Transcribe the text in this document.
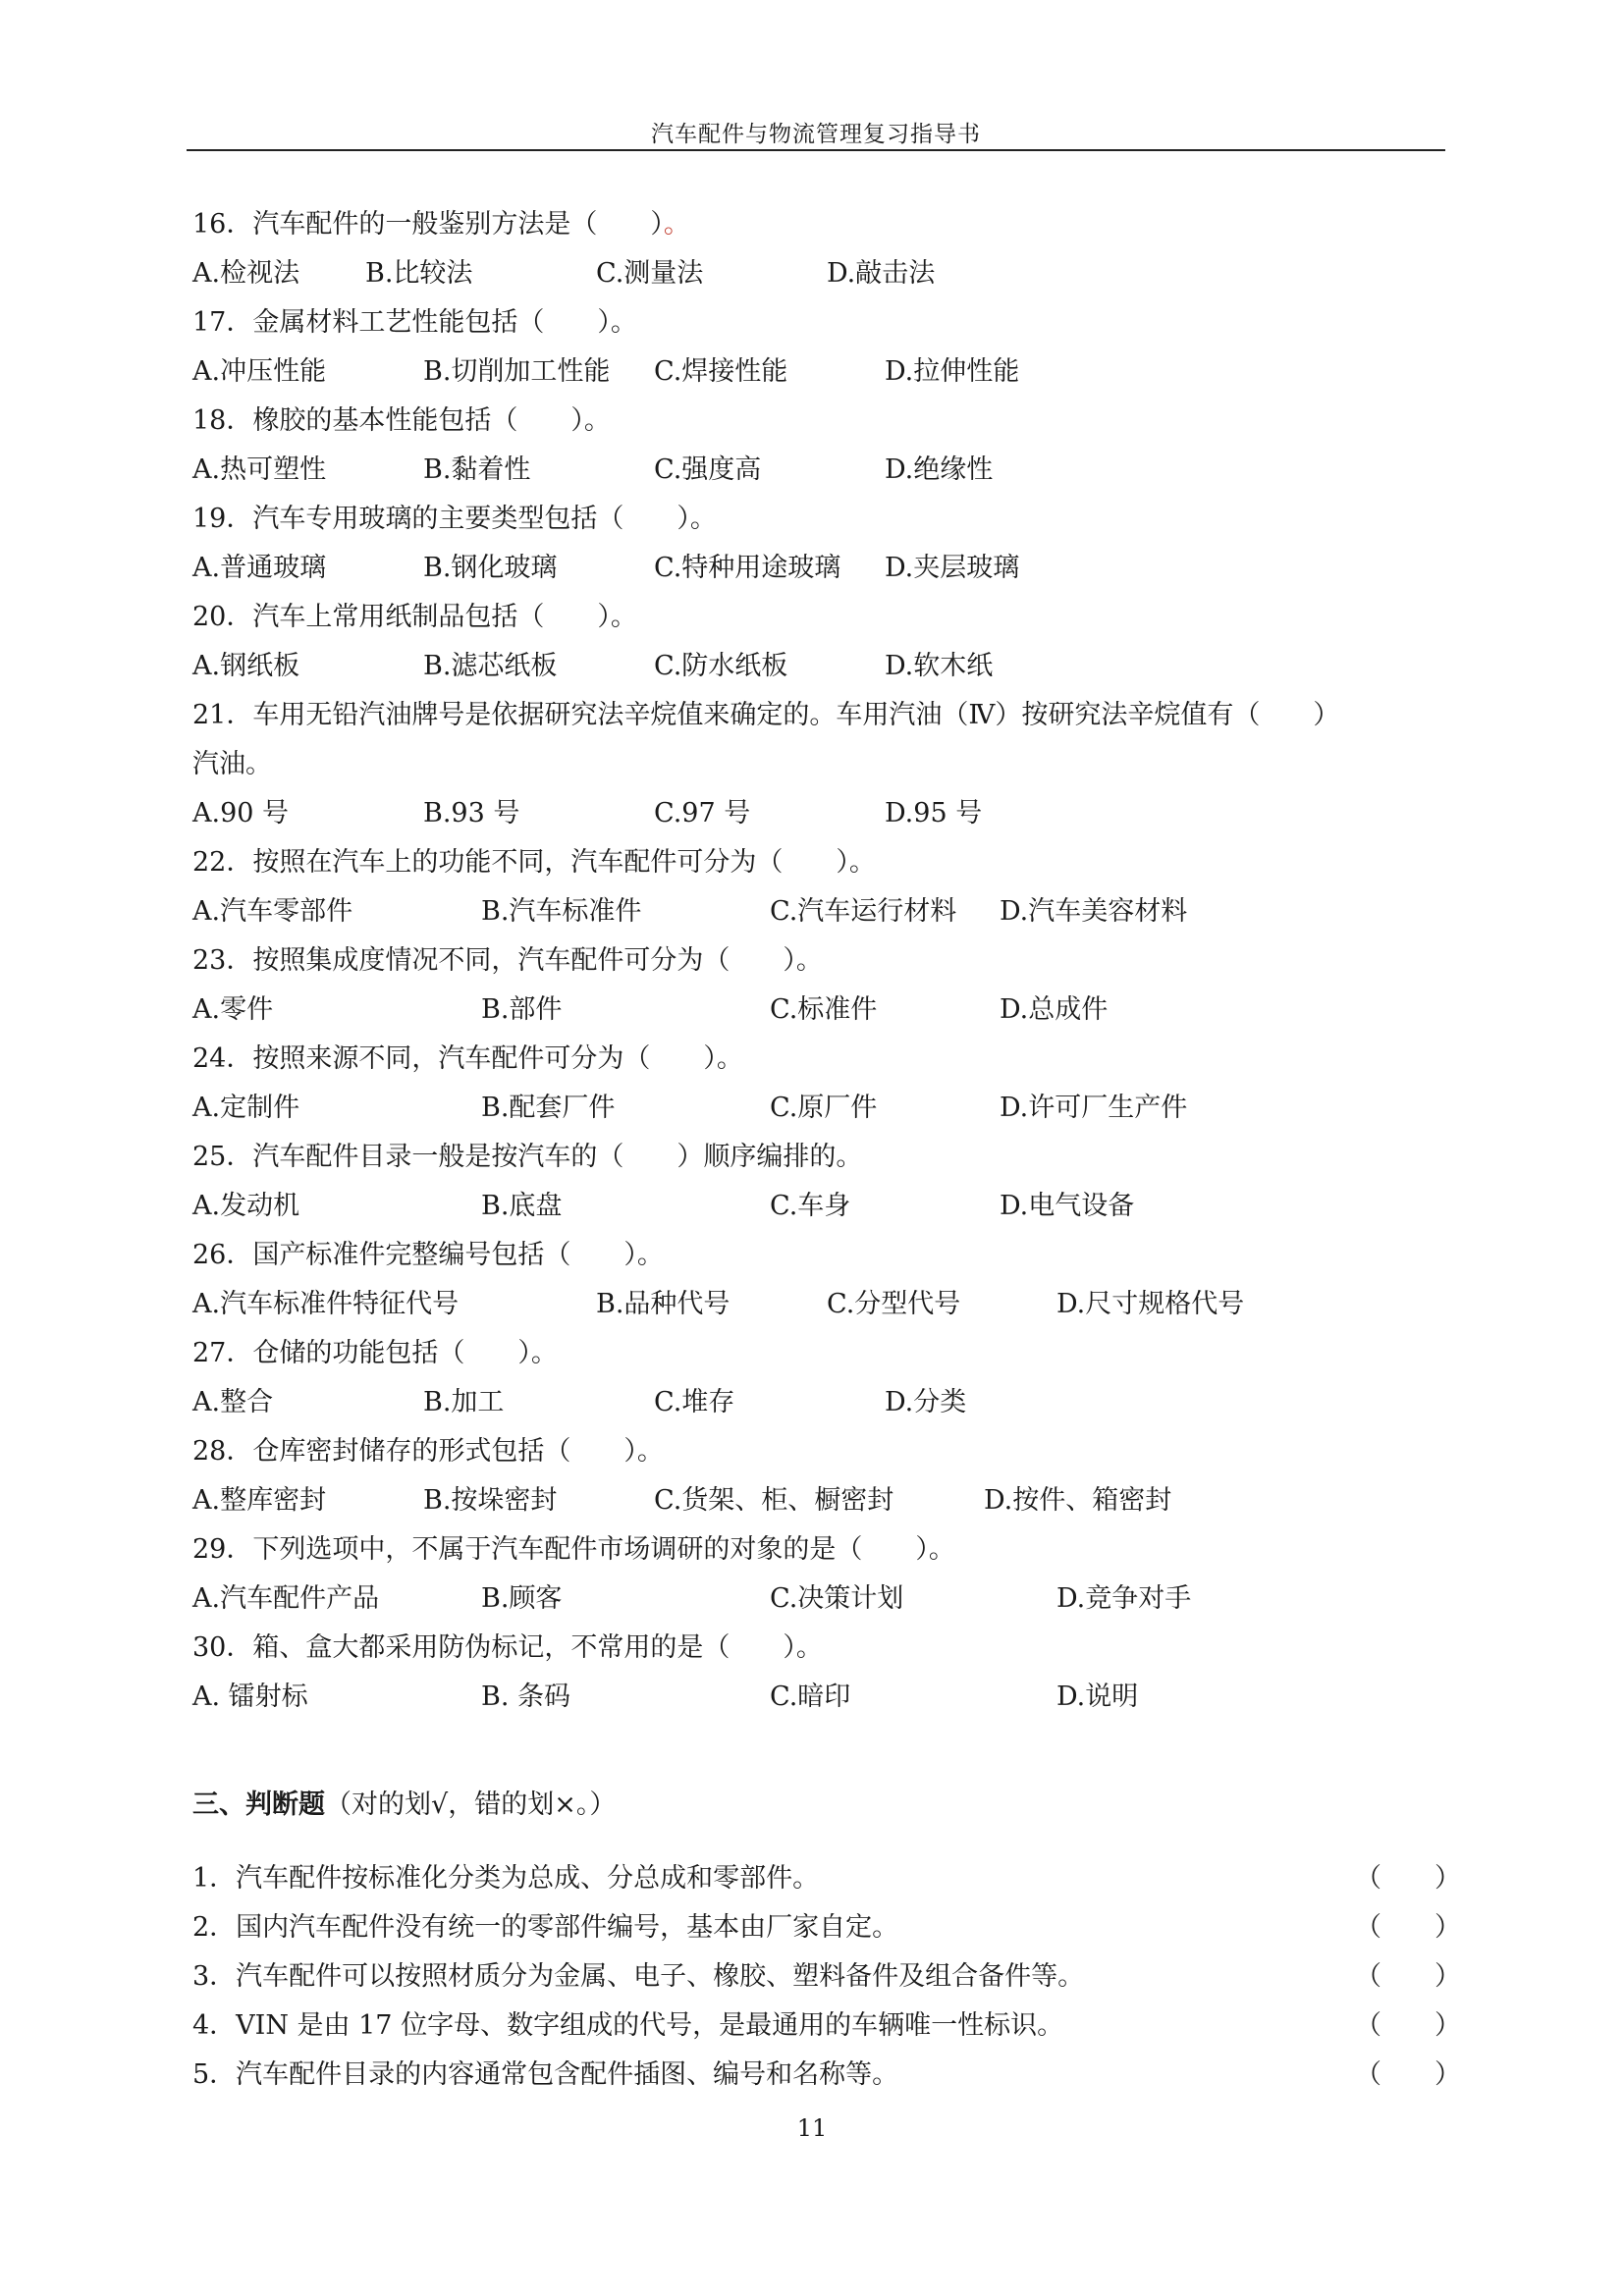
汽车配件与物流管理复习指导书
16．汽车配件的一般鉴别方法是（　　）。
A.检视法 B.比较法	C.测量法	D.敲击法
17．金属材料工艺性能包括（　　）。
A.冲压性能	B.切削加工性能 C.焊接性能	D.拉伸性能
18．橡胶的基本性能包括（　　）。
A.热可塑性	B.黏着性	C.强度高	D.绝缘性
19．汽车专用玻璃的主要类型包括（　　）。
A.普通玻璃	B.钢化玻璃	C.特种用途玻璃 D.夹层玻璃
20．汽车上常用纸制品包括（　　）。
A.钢纸板	B.滤芯纸板	C.防水纸板	D.软木纸
21．车用无铅汽油牌号是依据研究法辛烷值来确定的。车用汽油（Ⅳ）按研究法辛烷值有（　　）
汽油。
A.90 号	B.93 号	C.97 号	D.95 号
22．按照在汽车上的功能不同，汽车配件可分为（　　）。
A.汽车零部件	B.汽车标准件	C.汽车运行材料 D.汽车美容材料
23．按照集成度情况不同，汽车配件可分为（　　）。
A.零件	B.部件	C.标准件	D.总成件
24．按照来源不同，汽车配件可分为（　　）。
A.定制件	B.配套厂件	C.原厂件	D.许可厂生产件
25．汽车配件目录一般是按汽车的（　　）顺序编排的。
A.发动机	B.底盘	C.车身	D.电气设备
26．国产标准件完整编号包括（　　）。
A.汽车标准件特征代号	B.品种代号	C.分型代号	D.尺寸规格代号
27．仓储的功能包括（　　）。
A.整合	B.加工	C.堆存	D.分类
28．仓库密封储存的形式包括（　　）。
A.整库密封	B.按垛密封	C.货架、柜、橱密封	D.按件、箱密封
29．下列选项中，不属于汽车配件市场调研的对象的是（　　）。
A.汽车配件产品	B.顾客	C.决策计划	D.竞争对手
30．箱、盒大都采用防伪标记，不常用的是（　　）。
A. 镭射标	B. 条码	C.暗印	D.说明
三、判断题（对的划√，错的划×。）
1．汽车配件按标准化分类为总成、分总成和零部件。	（　　）
2．国内汽车配件没有统一的零部件编号，基本由厂家自定。	（　　）
3．汽车配件可以按照材质分为金属、电子、橡胶、塑料备件及组合备件等。	（　　）
4．VIN 是由 17 位字母、数字组成的代号，是最通用的车辆唯一性标识。	（　　）
5．汽车配件目录的内容通常包含配件插图、编号和名称等。	（　　）
11
